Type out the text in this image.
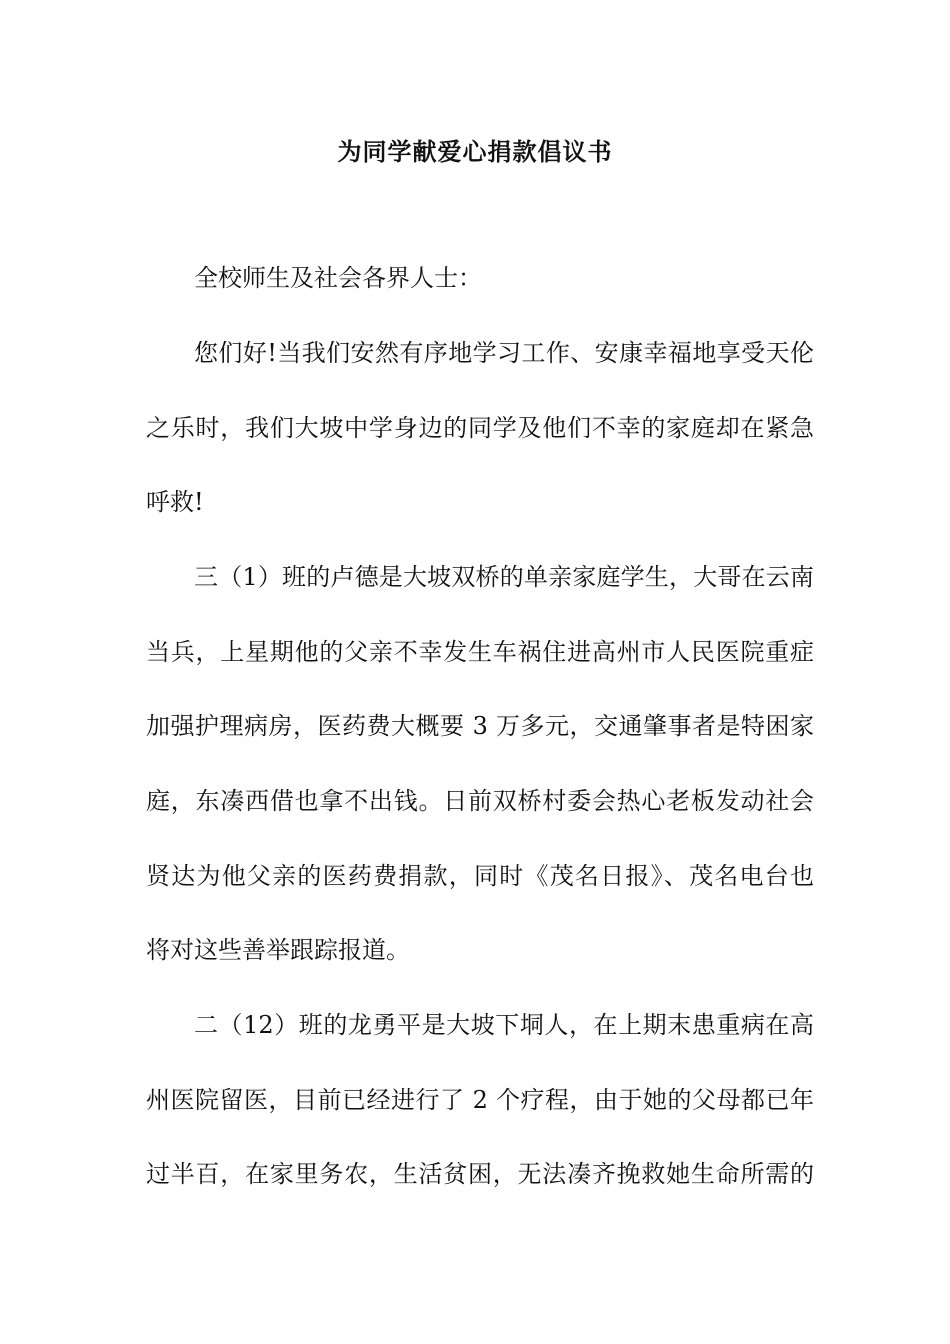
为同学献爱心捐款倡议书
全校师生及社会各界人士：
您们好!当我们安然有序地学习工作、安康幸福地享受天伦
之乐时，我们大坡中学身边的同学及他们不幸的家庭却在紧急
呼救!
三（1）班的卢德是大坡双桥的单亲家庭学生，大哥在云南
当兵，上星期他的父亲不幸发生车祸住进高州市人民医院重症
加强护理病房，医药费大概要 3 万多元，交通肇事者是特困家
庭，东凑西借也拿不出钱。日前双桥村委会热心老板发动社会
贤达为他父亲的医药费捐款，同时《茂名日报》、茂名电台也
将对这些善举跟踪报道。
二（12）班的龙勇平是大坡下垌人，在上期末患重病在高
州医院留医，目前已经进行了 2 个疗程，由于她的父母都已年
过半百，在家里务农，生活贫困，无法凑齐挽救她生命所需的
